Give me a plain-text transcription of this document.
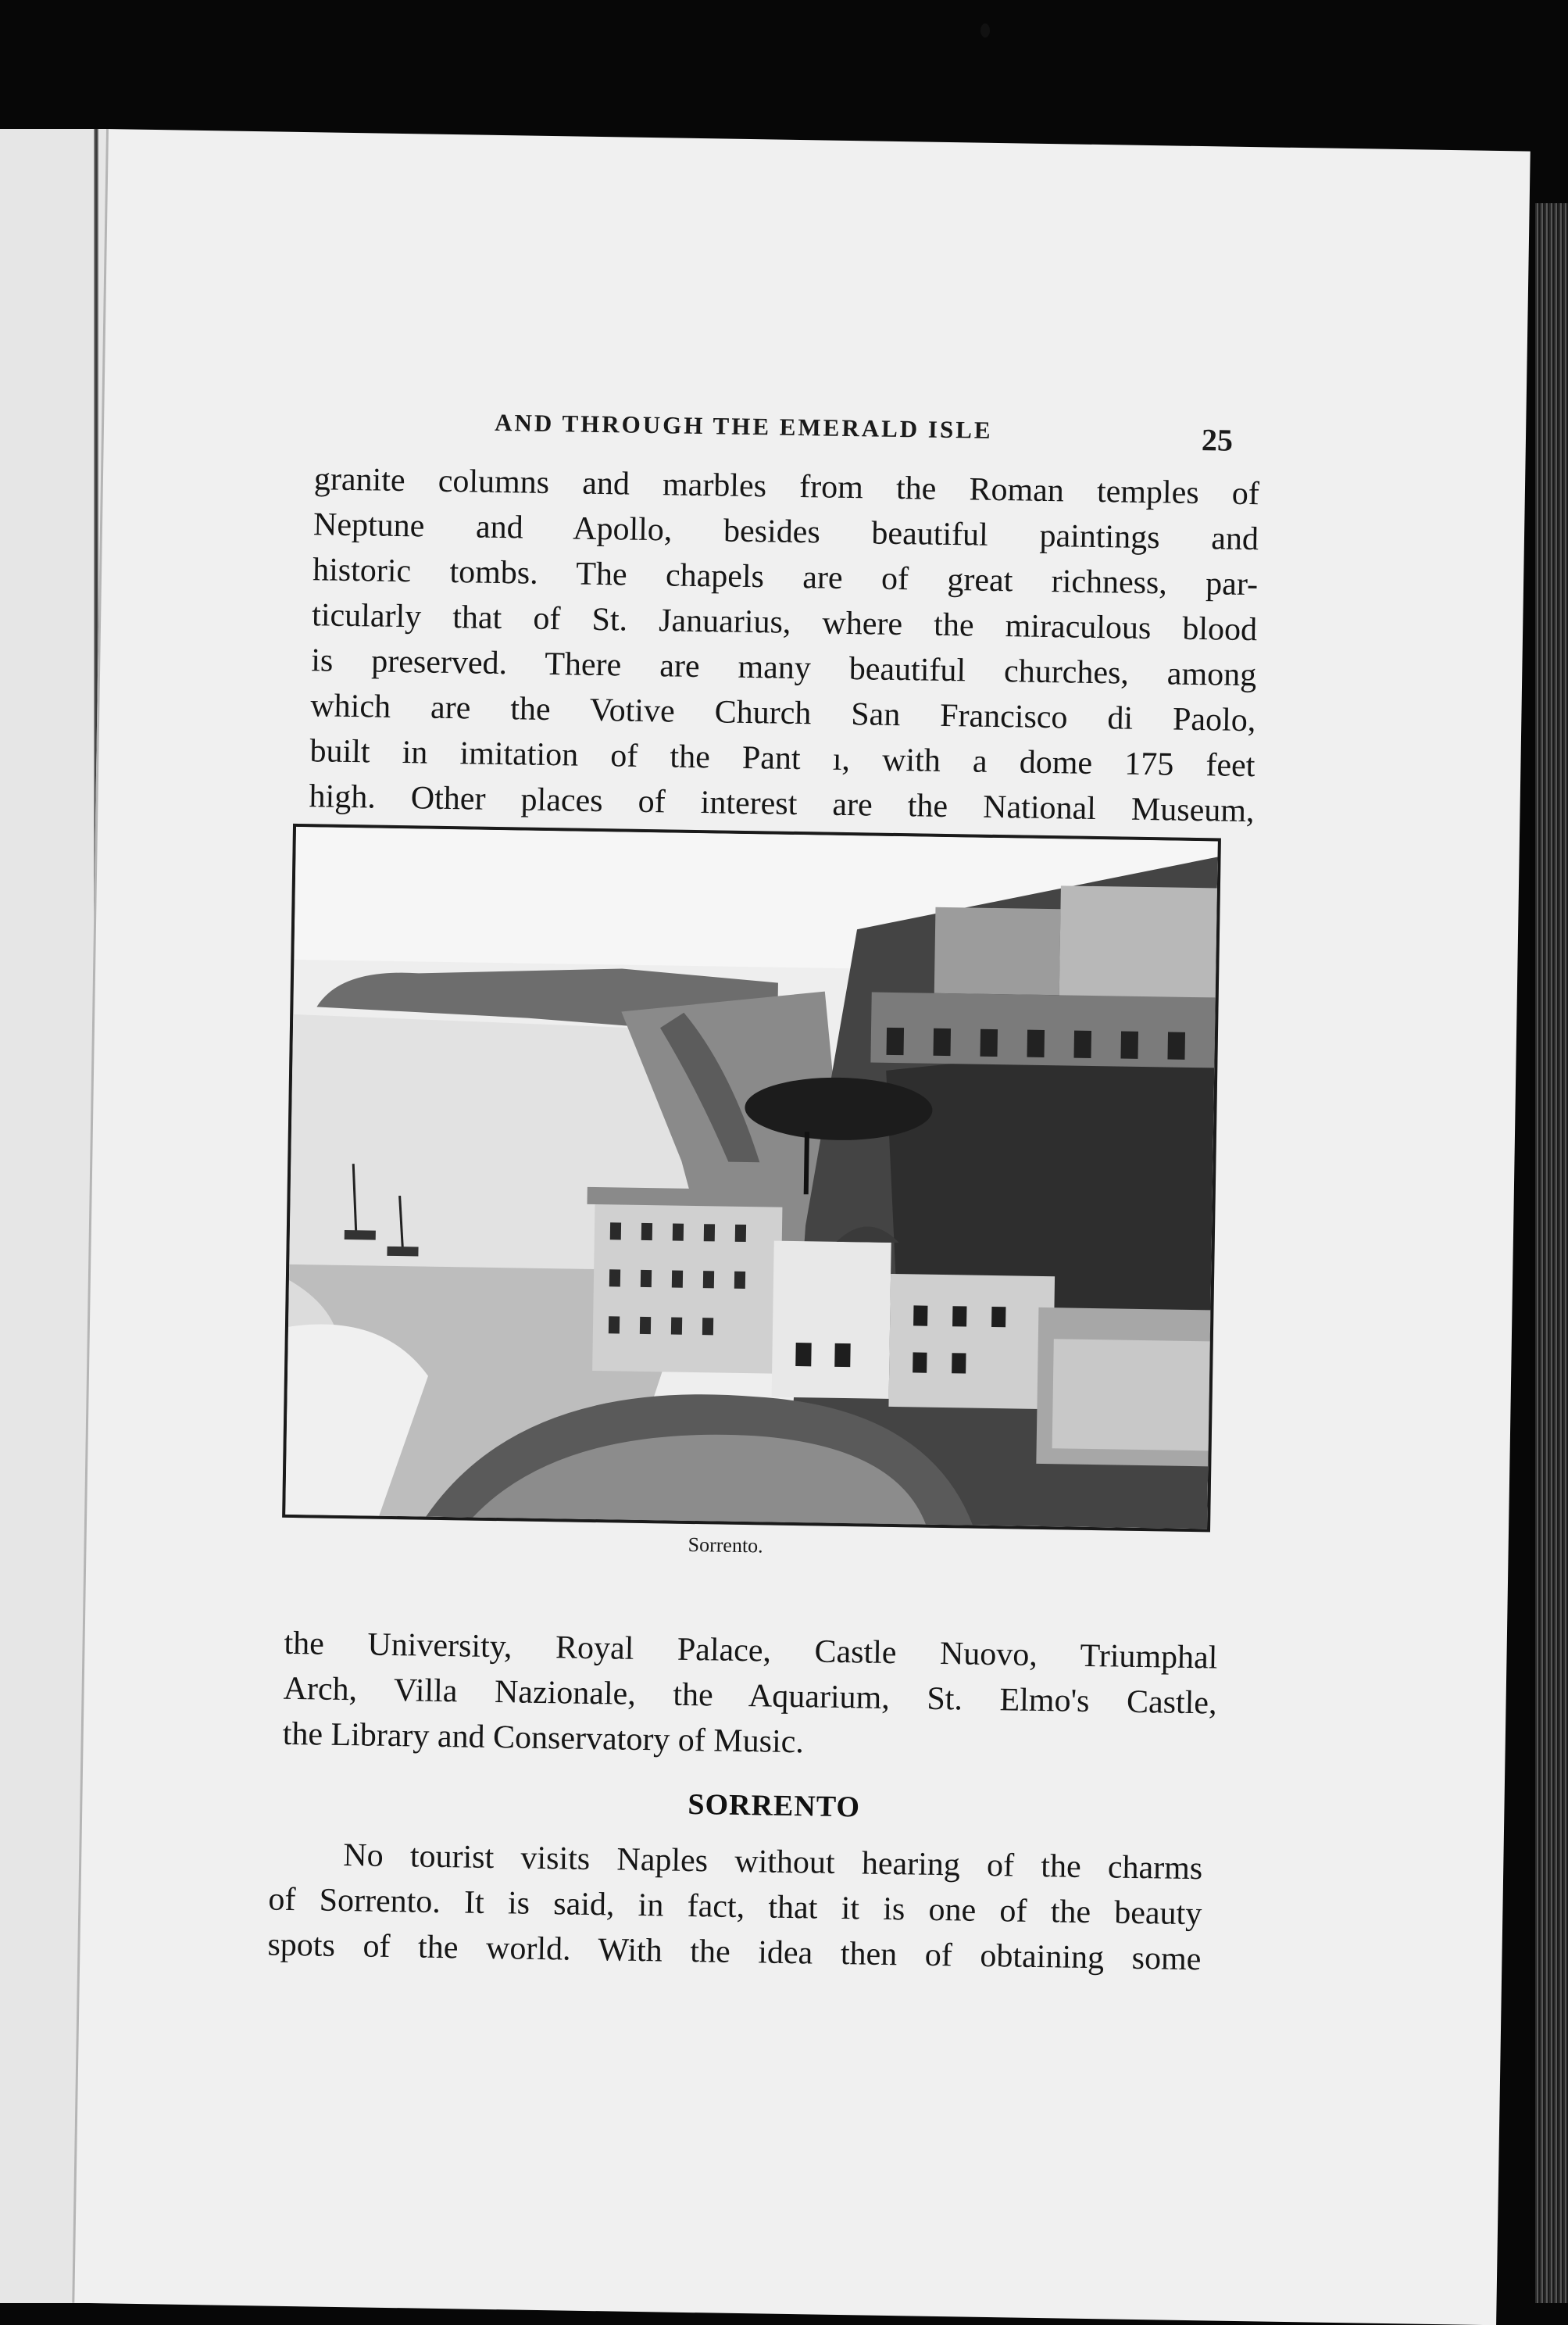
AND THROUGH THE EMERALD ISLE	25
granite columns and marbles from the Roman temples of
Neptune and Apollo, besides beautiful paintings and
historic tombs. The chapels are of great richness, par-
ticularly that of St. Januarius, where the miraculous blood
is preserved. There are many beautiful churches, among
which are the Votive Church San Francisco di Paolo,
built in imitation of the Pant ı, with a dome 175 feet
high. Other places of interest are the National Museum,
Sorrento.
the University, Royal Palace, Castle Nuovo, Triumphal
Arch, Villa Nazionale, the Aquarium, St. Elmo's Castle,
the Library and Conservatory of Music.
SORRENTO
No tourist visits Naples without hearing of the charms
of Sorrento. It is said, in fact, that it is one of the beauty
spots of the world. With the idea then of obtaining some
